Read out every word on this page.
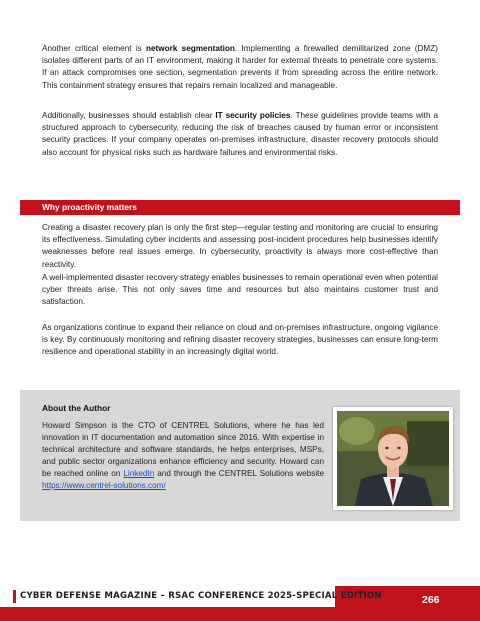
Another critical element is network segmentation. Implementing a firewalled demilitarized zone (DMZ) isolates different parts of an IT environment, making it harder for external threats to penetrate core systems. If an attack compromises one section, segmentation prevents it from spreading across the entire network. This containment strategy ensures that repairs remain localized and manageable.

Additionally, businesses should establish clear IT security policies. These guidelines provide teams with a structured approach to cybersecurity, reducing the risk of breaches caused by human error or inconsistent security practices. If your company operates on-premises infrastructure, disaster recovery protocols should also account for physical risks such as hardware failures and environmental risks.

Why proactivity matters

Creating a disaster recovery plan is only the first step—regular testing and monitoring are crucial to ensuring its effectiveness. Simulating cyber incidents and assessing post-incident procedures help businesses identify weaknesses before real issues emerge. In cybersecurity, proactivity is always more cost-effective than reactivity.

A well-implemented disaster recovery strategy enables businesses to remain operational even when potential cyber threats arise. This not only saves time and resources but also maintains customer trust and satisfaction.

As organizations continue to expand their reliance on cloud and on-premises infrastructure, ongoing vigilance is key. By continuously monitoring and refining disaster recovery strategies, businesses can ensure long-term resilience and operational stability in an increasingly digital world.

About the Author

Howard Simpson is the CTO of CENTREL Solutions, where he has led innovation in IT documentation and automation since 2016. With expertise in technical architecture and software standards, he helps enterprises, MSPs, and public sector organizations enhance efficiency and security. Howard can be reached online on LinkedIn and through the CENTREL Solutions website https://www.centrel-solutions.com/

CYBER DEFENSE MAGAZINE – RSAC CONFERENCE 2025-SPECIAL EDITION	266
